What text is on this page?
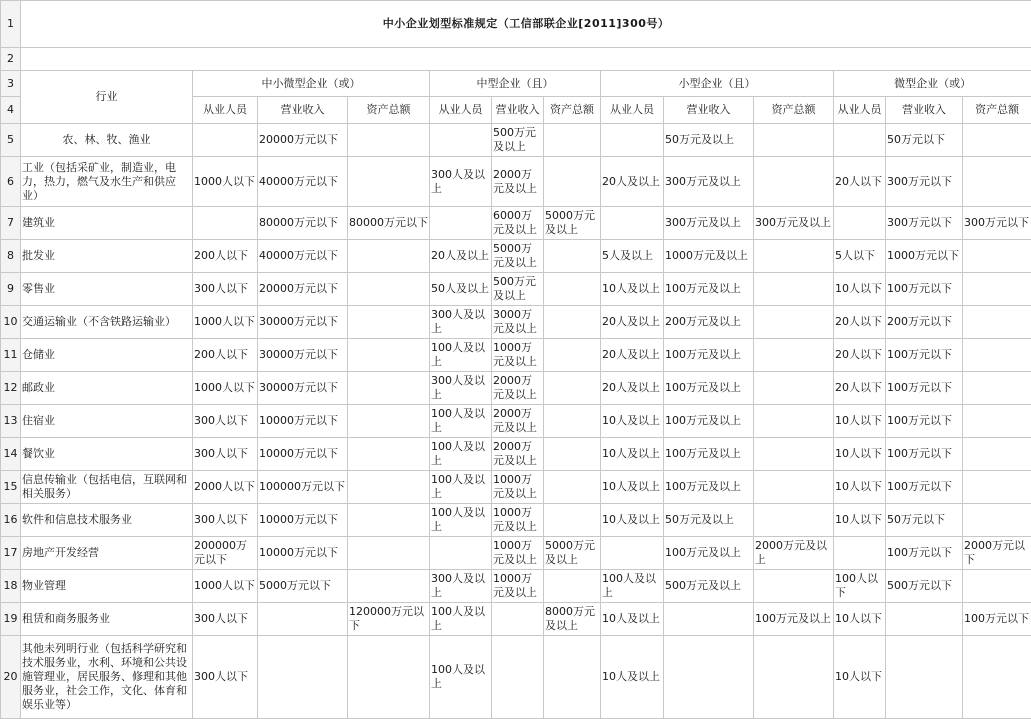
1	中小企业划型标准规定（工信部联企业[2011]300号）												
2													
3	行业	中小微型企业（或）			中型企业（且）			小型企业（且）			微型企业（或）		
4		从业人员	营业收入	资产总额	从业人员	营业收入	资产总额	从业人员	营业收入	资产总额	从业人员	营业收入	资产总额
5	农、林、牧、渔业		20000万元以下			500万元及以上			50万元及以上			50万元以下	
6	工业（包括采矿业，制造业，电力，热力，燃气及水生产和供应业）	1000人以下	40000万元以下		300人及以上	2000万元及以上		20人及以上	300万元及以上		20人以下	300万元以下	
7	建筑业		80000万元以下	80000万元以下		6000万元及以上	5000万元及以上		300万元及以上	300万元及以上		300万元以下	300万元以下
8	批发业	200人以下	40000万元以下		20人及以上	5000万元及以上		5人及以上	1000万元及以上		5人以下	1000万元以下	
9	零售业	300人以下	20000万元以下		50人及以上	500万元及以上		10人及以上	100万元及以上		10人以下	100万元以下	
10	交通运输业（不含铁路运输业）	1000人以下	30000万元以下		300人及以上	3000万元及以上		20人及以上	200万元及以上		20人以下	200万元以下	
11	仓储业	200人以下	30000万元以下		100人及以上	1000万元及以上		20人及以上	100万元及以上		20人以下	100万元以下	
12	邮政业	1000人以下	30000万元以下		300人及以上	2000万元及以上		20人及以上	100万元及以上		20人以下	100万元以下	
13	住宿业	300人以下	10000万元以下		100人及以上	2000万元及以上		10人及以上	100万元及以上		10人以下	100万元以下	
14	餐饮业	300人以下	10000万元以下		100人及以上	2000万元及以上		10人及以上	100万元及以上		10人以下	100万元以下	
15	信息传输业（包括电信，互联网和相关服务）	2000人以下	100000万元以下		100人及以上	1000万元及以上		10人及以上	100万元及以上		10人以下	100万元以下	
16	软件和信息技术服务业	300人以下	10000万元以下		100人及以上	1000万元及以上		10人及以上	50万元及以上		10人以下	50万元以下	
17	房地产开发经营	200000万元以下	10000万元以下			1000万元及以上	5000万元及以上		100万元及以上	2000万元及以上		100万元以下	2000万元以下
18	物业管理	1000人以下	5000万元以下		300人及以上	1000万元及以上		100人及以上	500万元及以上		100人以下	500万元以下	
19	租赁和商务服务业	300人以下		120000万元以下	100人及以上		8000万元及以上	10人及以上		100万元及以上	10人以下		100万元以下
20	其他未列明行业（包括科学研究和技术服务业，水利、环境和公共设施管理业，居民服务、修理和其他服务业，社会工作，文化、体育和娱乐业等）	300人以下			100人及以上			10人及以上			10人以下		
